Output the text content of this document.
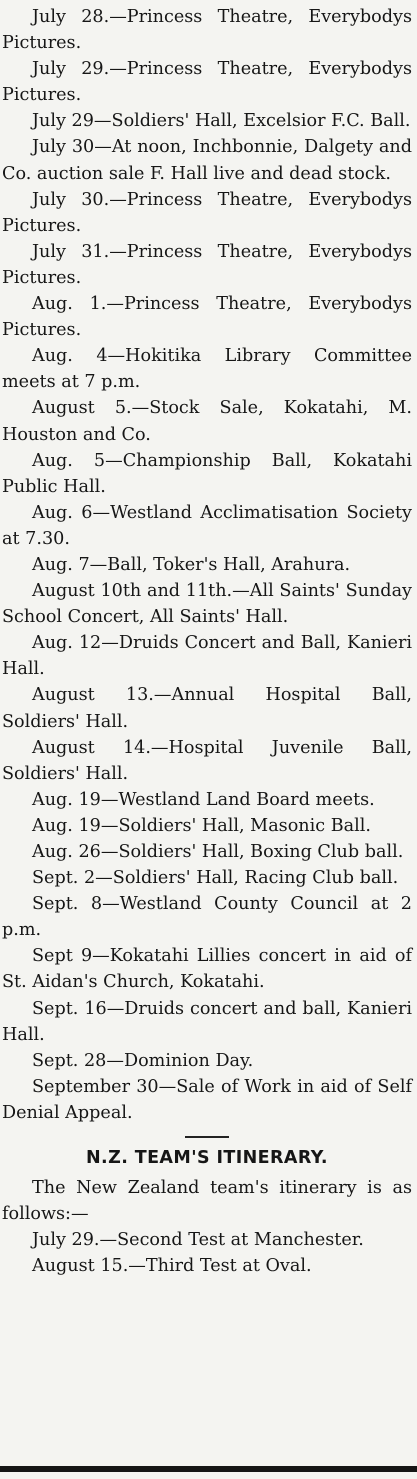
July 28.—Princess Theatre, Everybodys Pictures.

July 29.—Princess Theatre, Everybodys Pictures.

July 29—Soldiers' Hall, Excelsior F.C. Ball.

July 30—At noon, Inchbonnie, Dalgety and Co. auction sale F. Hall live and dead stock.

July 30.—Princess Theatre, Everybodys Pictures.

July 31.—Princess Theatre, Everybodys Pictures.

Aug. 1.—Princess Theatre, Everybodys Pictures.

Aug. 4—Hokitika Library Committee meets at 7 p.m.

August 5.—Stock Sale, Kokatahi, M. Houston and Co.

Aug. 5—Championship Ball, Kokatahi Public Hall.

Aug. 6—Westland Acclimatisation Society at 7.30.

Aug. 7—Ball, Toker's Hall, Arahura.

August 10th and 11th.—All Saints' Sunday School Concert, All Saints' Hall.

Aug. 12—Druids Concert and Ball, Kanieri Hall.

August 13.—Annual Hospital Ball, Soldiers' Hall.

August 14.—Hospital Juvenile Ball, Soldiers' Hall.

Aug. 19—Westland Land Board meets.

Aug. 19—Soldiers' Hall, Masonic Ball.

Aug. 26—Soldiers' Hall, Boxing Club ball.

Sept. 2—Soldiers' Hall, Racing Club ball.

Sept. 8—Westland County Council at 2 p.m.

Sept 9—Kokatahi Lillies concert in aid of St. Aidan's Church, Kokatahi.

Sept. 16—Druids concert and ball, Kanieri Hall.

Sept. 28—Dominion Day.

September 30—Sale of Work in aid of Self Denial Appeal.

N.Z. TEAM'S ITINERARY.

The New Zealand team's itinerary is as follows:—

July 29.—Second Test at Manchester.

August 15.—Third Test at Oval.
